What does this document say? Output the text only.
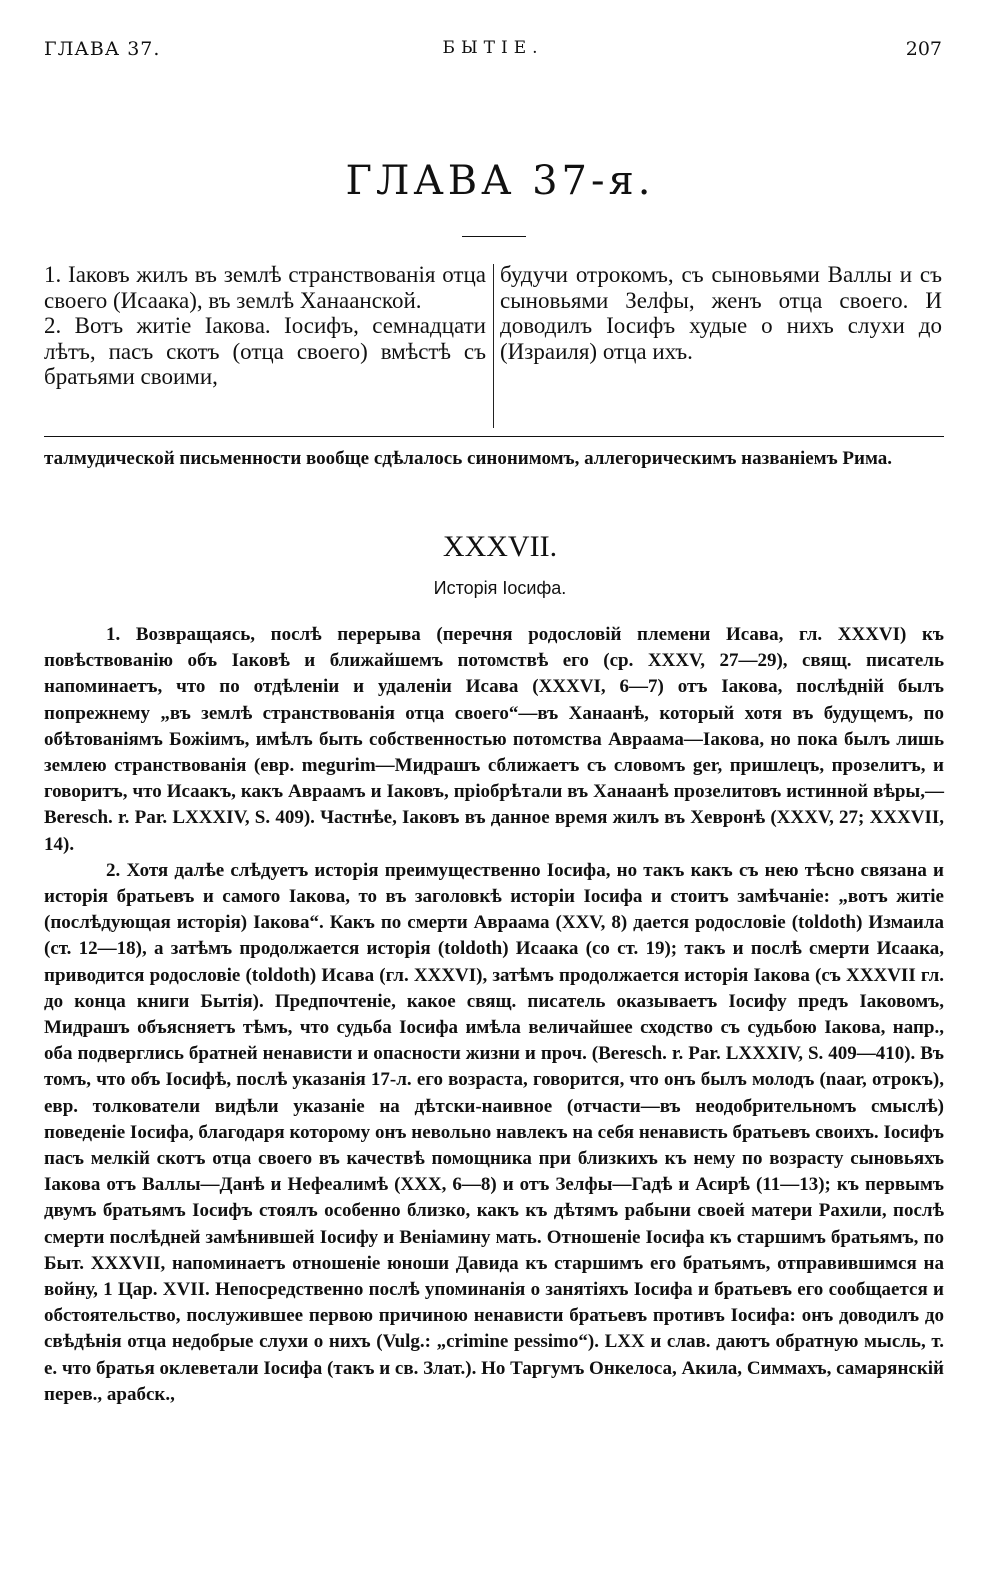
ГЛАВА 37.	БЫТІЕ.	207
ГЛАВА 37-я.

1. Іаковъ жилъ въ землѣ странствованія отца своего (Исаака), въ землѣ Ханаанской.

2. Вотъ житіе Іакова. Іосифъ, семнадцати лѣтъ, пасъ скотъ (отца своего) вмѣстѣ съ братьями своими,

будучи отрокомъ, съ сыновьями Валлы и съ сыновьями Зелфы, женъ отца своего. И доводилъ Іосифъ худые о нихъ слухи до (Израиля) отца ихъ.

талмудической письменности вообще сдѣлалось синонимомъ, аллегорическимъ названіемъ Рима.

XXXVII.
Исторія Іосифа.

1. Возвращаясь, послѣ перерыва (перечня родословій племени Исава, гл. XXXVI) къ повѣствованію объ Іаковѣ и ближайшемъ потомствѣ его (ср. XXXV, 27—29), свящ. писатель напоминаетъ, что по отдѣленіи и удаленіи Исава (XXXVI, 6—7) отъ Іакова, послѣдній былъ попрежнему „въ землѣ странствованія отца своего“—въ Ханаанѣ, который хотя въ будущемъ, по обѣтованіямъ Божіимъ, имѣлъ быть собственностью потомства Авраама—Іакова, но пока былъ лишь землею странствованія (евр. megurim—Мидрашъ сближаетъ съ словомъ ger, пришлецъ, прозелитъ, и говоритъ, что Исаакъ, какъ Авраамъ и Іаковъ, пріобрѣтали въ Ханаанѣ прозелитовъ истинной вѣры,—Beresch. r. Par. LXXXIV, S. 409). Частнѣе, Іаковъ въ данное время жилъ въ Хевронѣ (XXXV, 27; XXXVII, 14).

2. Хотя далѣе слѣдуетъ исторія преимущественно Іосифа, но такъ какъ съ нею тѣсно связана и исторія братьевъ и самого Іакова, то въ заголовкѣ исторіи Іосифа и стоитъ замѣчаніе: „вотъ житіе (послѣдующая исторія) Іакова“. Какъ по смерти Авраама (XXV, 8) дается родословіе (toldoth) Измаила (ст. 12—18), а затѣмъ продолжается исторія (toldoth) Исаака (со ст. 19); такъ и послѣ смерти Исаака, приводится родословіе (toldoth) Исава (гл. XXXVI), затѣмъ продолжается исторія Іакова (съ XXXVII гл. до конца книги Бытія). Предпочтеніе, какое свящ. писатель оказываетъ Іосифу предъ Іаковомъ, Мидрашъ объясняетъ тѣмъ, что судьба Іосифа имѣла величайшее сходство съ судьбою Іакова, напр., оба подверглись братней ненависти и опасности жизни и проч. (Beresch. r. Par. LXXXIV, S. 409—410). Въ томъ, что объ Іосифѣ, послѣ указанія 17-л. его возраста, говорится, что онъ былъ молодъ (naar, отрокъ), евр. толкователи видѣли указаніе на дѣтски-наивное (отчасти—въ неодобрительномъ смыслѣ) поведеніе Іосифа, благодаря которому онъ невольно навлекъ на себя ненависть братьевъ своихъ. Іосифъ пасъ мелкій скотъ отца своего въ качествѣ помощника при близкихъ къ нему по возрасту сыновьяхъ Іакова отъ Валлы—Данѣ и Нефеалимѣ (XXX, 6—8) и отъ Зелфы—Гадѣ и Асирѣ (11—13); къ первымъ двумъ братьямъ Іосифъ стоялъ особенно близко, какъ къ дѣтямъ рабыни своей матери Рахили, послѣ смерти послѣдней замѣнившей Іосифу и Веніамину мать. Отношеніе Іосифа къ старшимъ братьямъ, по Быт. XXXVII, напоминаетъ отношеніе юноши Давида къ старшимъ его братьямъ, отправившимся на войну, 1 Цар. XVII. Непосредственно послѣ упоминанія о занятіяхъ Іосифа и братьевъ его сообщается и обстоятельство, послужившее первою причиною ненависти братьевъ противъ Іосифа: онъ доводилъ до свѣдѣнія отца недобрые слухи о нихъ (Vulg.: „crimine pessimo“). LXX и слав. даютъ обратную мысль, т. е. что братья оклеветали Іосифа (такъ и св. Злат.). Но Таргумъ Онкелоса, Акила, Симмахъ, самарянскій перев., арабск.,
